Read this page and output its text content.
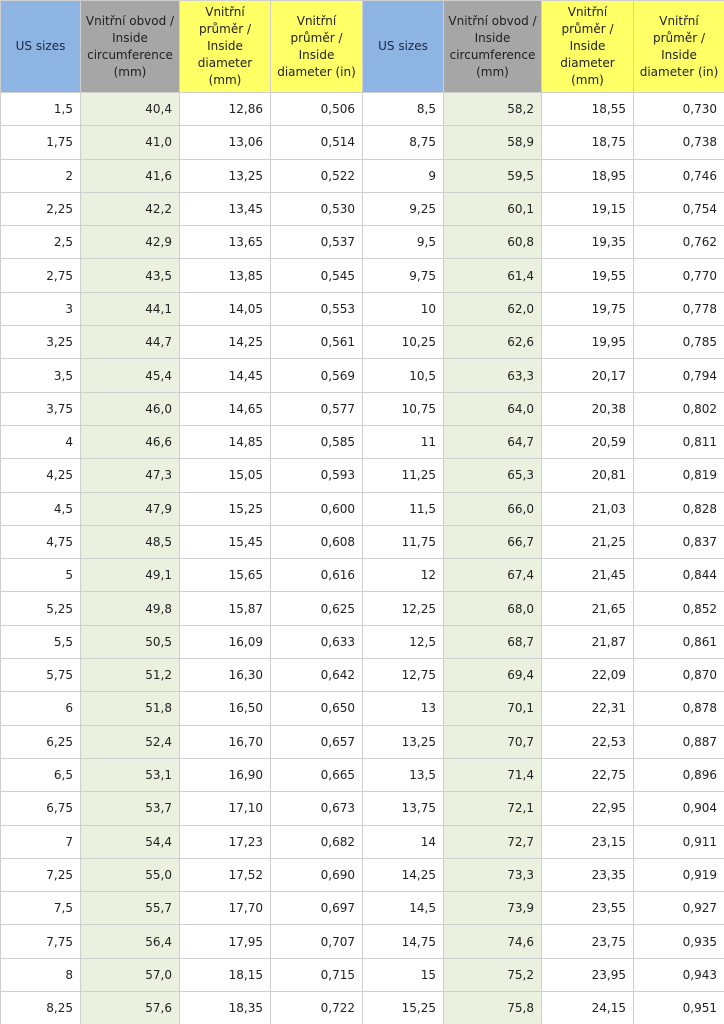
US sizes	Vnitřní obvod / Inside circumference (mm)	Vnitřní průměr / Inside diameter (mm)	Vnitřní průměr / Inside diameter (in)	US sizes	Vnitřní obvod / Inside circumference (mm)	Vnitřní průměr / Inside diameter (mm)	Vnitřní průměr / Inside diameter (in)
1,5	40,4	12,86	0,506	8,5	58,2	18,55	0,730
1,75	41,0	13,06	0,514	8,75	58,9	18,75	0,738
2	41,6	13,25	0,522	9	59,5	18,95	0,746
2,25	42,2	13,45	0,530	9,25	60,1	19,15	0,754
2,5	42,9	13,65	0,537	9,5	60,8	19,35	0,762
2,75	43,5	13,85	0,545	9,75	61,4	19,55	0,770
3	44,1	14,05	0,553	10	62,0	19,75	0,778
3,25	44,7	14,25	0,561	10,25	62,6	19,95	0,785
3,5	45,4	14,45	0,569	10,5	63,3	20,17	0,794
3,75	46,0	14,65	0,577	10,75	64,0	20,38	0,802
4	46,6	14,85	0,585	11	64,7	20,59	0,811
4,25	47,3	15,05	0,593	11,25	65,3	20,81	0,819
4,5	47,9	15,25	0,600	11,5	66,0	21,03	0,828
4,75	48,5	15,45	0,608	11,75	66,7	21,25	0,837
5	49,1	15,65	0,616	12	67,4	21,45	0,844
5,25	49,8	15,87	0,625	12,25	68,0	21,65	0,852
5,5	50,5	16,09	0,633	12,5	68,7	21,87	0,861
5,75	51,2	16,30	0,642	12,75	69,4	22,09	0,870
6	51,8	16,50	0,650	13	70,1	22,31	0,878
6,25	52,4	16,70	0,657	13,25	70,7	22,53	0,887
6,5	53,1	16,90	0,665	13,5	71,4	22,75	0,896
6,75	53,7	17,10	0,673	13,75	72,1	22,95	0,904
7	54,4	17,23	0,682	14	72,7	23,15	0,911
7,25	55,0	17,52	0,690	14,25	73,3	23,35	0,919
7,5	55,7	17,70	0,697	14,5	73,9	23,55	0,927
7,75	56,4	17,95	0,707	14,75	74,6	23,75	0,935
8	57,0	18,15	0,715	15	75,2	23,95	0,943
8,25	57,6	18,35	0,722	15,25	75,8	24,15	0,951
